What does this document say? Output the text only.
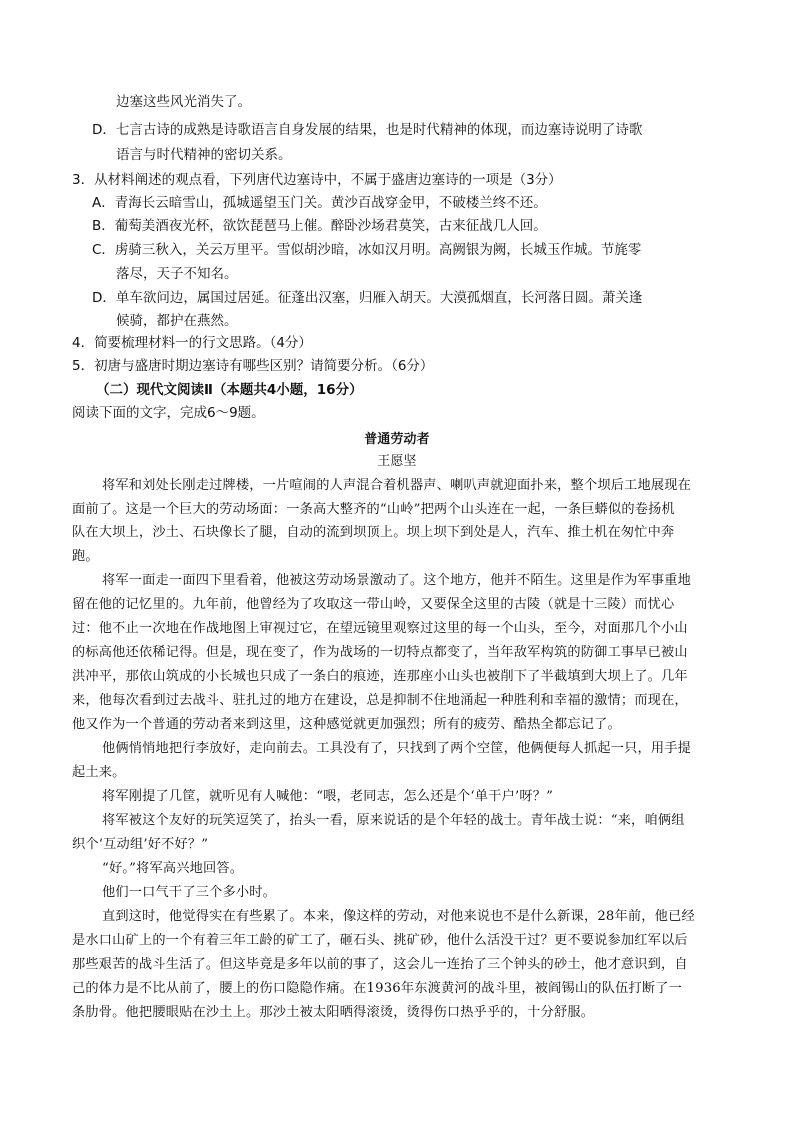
边塞这些风光消失了。
D．七言古诗的成熟是诗歌语言自身发展的结果，也是时代精神的体现，而边塞诗说明了诗歌
语言与时代精神的密切关系。
3．从材料阐述的观点看，下列唐代边塞诗中，不属于盛唐边塞诗的一项是（3分）
A．青海长云暗雪山，孤城遥望玉门关。黄沙百战穿金甲，不破楼兰终不还。
B．葡萄美酒夜光杯，欲饮琵琶马上催。醉卧沙场君莫笑，古来征战几人回。
C．虏骑三秋入，关云万里平。雪似胡沙暗，冰如汉月明。高阙银为阙，长城玉作城。节旄零
落尽，天子不知名。
D．单车欲问边，属国过居延。征蓬出汉塞，归雁入胡天。大漠孤烟直，长河落日圆。萧关逢
候骑，都护在燕然。
4．简要梳理材料一的行文思路。（4分）
5．初唐与盛唐时期边塞诗有哪些区别？请简要分析。（6分）
（二）现代文阅读Ⅱ（本题共4小题，16分）
阅读下面的文字，完成6～9题。
普通劳动者
王愿坚
将军和刘处长刚走过牌楼，一片喧闹的人声混合着机器声、喇叭声就迎面扑来，整个坝后工地展现在
面前了。这是一个巨大的劳动场面：一条高大整齐的“山岭”把两个山头连在一起，一条巨蟒似的卷扬机
队在大坝上，沙土、石块像长了腿，自动的流到坝顶上。坝上坝下到处是人，汽车、推土机在匆忙中奔
跑。
将军一面走一面四下里看着，他被这劳动场景激动了。这个地方，他并不陌生。这里是作为军事重地
留在他的记忆里的。九年前，他曾经为了攻取这一带山岭，又要保全这里的古陵（就是十三陵）而忧心
过：他不止一次地在作战地图上审视过它，在望远镜里观察过这里的每一个山头，至今，对面那几个小山
的标高他还依稀记得。但是，现在变了，作为战场的一切特点都变了，当年敌军构筑的防御工事早已被山
洪冲平，那依山筑成的小长城也只成了一条白的痕迹，连那座小山头也被削下了半截填到大坝上了。几年
来，他每次看到过去战斗、驻扎过的地方在建设，总是抑制不住地涌起一种胜利和幸福的激情；而现在，
他又作为一个普通的劳动者来到这里，这种感觉就更加强烈；所有的疲劳、酷热全都忘记了。
他俩悄悄地把行李放好，走向前去。工具没有了，只找到了两个空筐，他俩便每人抓起一只，用手提
起土来。
将军刚提了几筐，就听见有人喊他：“喂，老同志，怎么还是个‘单干户’呀？”
将军被这个友好的玩笑逗笑了，抬头一看，原来说话的是个年轻的战士。青年战士说：“来，咱俩组
织个‘互动组’好不好？”
“好。”将军高兴地回答。
他们一口气干了三个多小时。
直到这时，他觉得实在有些累了。本来，像这样的劳动，对他来说也不是什么新课，28年前，他已经
是水口山矿上的一个有着三年工龄的矿工了，砸石头、挑矿砂，他什么活没干过？更不要说参加红军以后
那些艰苦的战斗生活了。但这毕竟是多年以前的事了，这会儿一连抬了三个钟头的砂土，他才意识到，自
己的体力是不比从前了，腰上的伤口隐隐作痛。在1936年东渡黄河的战斗里，被阎锡山的队伍打断了一
条肋骨。他把腰眼贴在沙土上。那沙土被太阳晒得滚烫，烫得伤口热乎乎的，十分舒服。
